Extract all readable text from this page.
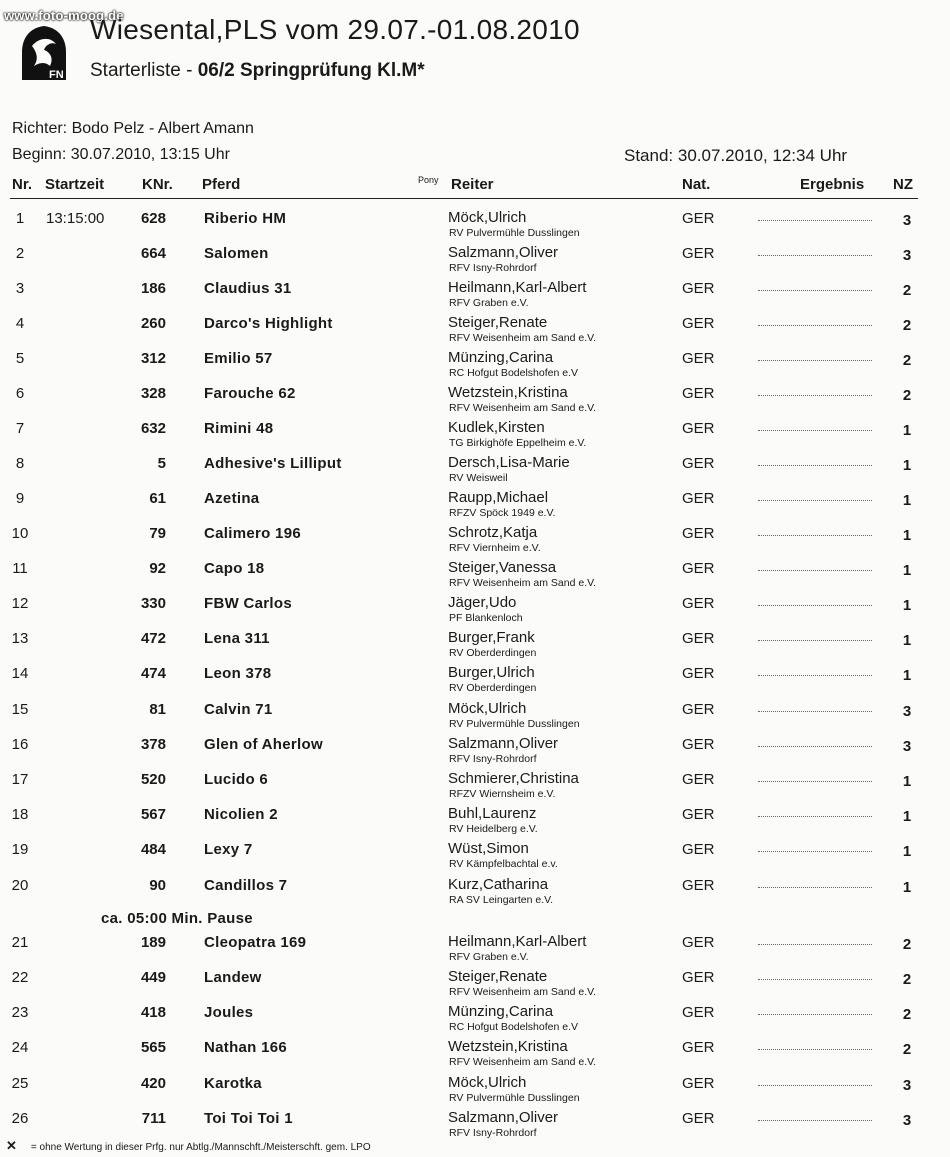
www.foto-moog.de
FN
Wiesental,PLS vom 29.07.-01.08.2010
Starterliste - 06/2 Springprüfung Kl.M*
Richter: Bodo Pelz - Albert Amann
Beginn: 30.07.2010, 13:15 Uhr	Stand: 30.07.2010, 12:34 Uhr
Nr. Startzeit	KNr. Pferd	Pony Reiter	Nat.	Ergebnis NZ
1	13:15:00	628	Riberio HM	Möck,Ulrich
RV Pulvermühle Dusslingen
GER	3
2	664	Salomen	Salzmann,Oliver
RFV Isny-Rohrdorf
GER	3
3	186	Claudius 31	Heilmann,Karl-Albert
RFV Graben e.V.
GER	2
4	260	Darco's Highlight	Steiger,Renate
RFV Weisenheim am Sand e.V.
GER	2
5	312	Emilio 57	Münzing,Carina
RC Hofgut Bodelshofen e.V
GER	2
6	328	Farouche 62	Wetzstein,Kristina
RFV Weisenheim am Sand e.V.
GER	2
7	632	Rimini 48	Kudlek,Kirsten
TG Birkighöfe Eppelheim e.V.
GER	1
8	5	Adhesive's Lilliput	Dersch,Lisa-Marie
RV Weisweil
GER	1
9	61	Azetina	Raupp,Michael
RFZV Spöck 1949 e.V.
GER	1
10	79	Calimero 196	Schrotz,Katja
RFV Viernheim e.V.
GER	1
11	92	Capo 18	Steiger,Vanessa
RFV Weisenheim am Sand e.V.
GER	1
12	330	FBW Carlos	Jäger,Udo
PF Blankenloch
GER	1
13	472	Lena 311	Burger,Frank
RV Oberderdingen
GER	1
14	474	Leon 378	Burger,Ulrich
RV Oberderdingen
GER	1
15	81	Calvin 71	Möck,Ulrich
RV Pulvermühle Dusslingen
GER	3
16	378	Glen of Aherlow	Salzmann,Oliver
RFV Isny-Rohrdorf
GER	3
17	520	Lucido 6	Schmierer,Christina
RFZV Wiernsheim e.V.
GER	1
18	567	Nicolien 2	Buhl,Laurenz
RV Heidelberg e.V.
GER	1
19	484	Lexy 7	Wüst,Simon
RV Kämpfelbachtal e.v.
GER	1
20	90	Candillos 7	Kurz,Catharina
RA SV Leingarten e.V.
GER	1
21	189	Cleopatra 169	Heilmann,Karl-Albert
RFV Graben e.V.
GER	2
22	449	Landew	Steiger,Renate
RFV Weisenheim am Sand e.V.
GER	2
23	418	Joules	Münzing,Carina
RC Hofgut Bodelshofen e.V
GER	2
24	565	Nathan 166	Wetzstein,Kristina
RFV Weisenheim am Sand e.V.
GER	2
25	420	Karotka	Möck,Ulrich
RV Pulvermühle Dusslingen
GER	3
26	711	Toi Toi Toi 1	Salzmann,Oliver
RFV Isny-Rohrdorf
GER	3
ca. 05:00 Min. Pause
✕ = ohne Wertung in dieser Prfg. nur Abtlg./Mannschft./Meisterschft. gem. LPO
